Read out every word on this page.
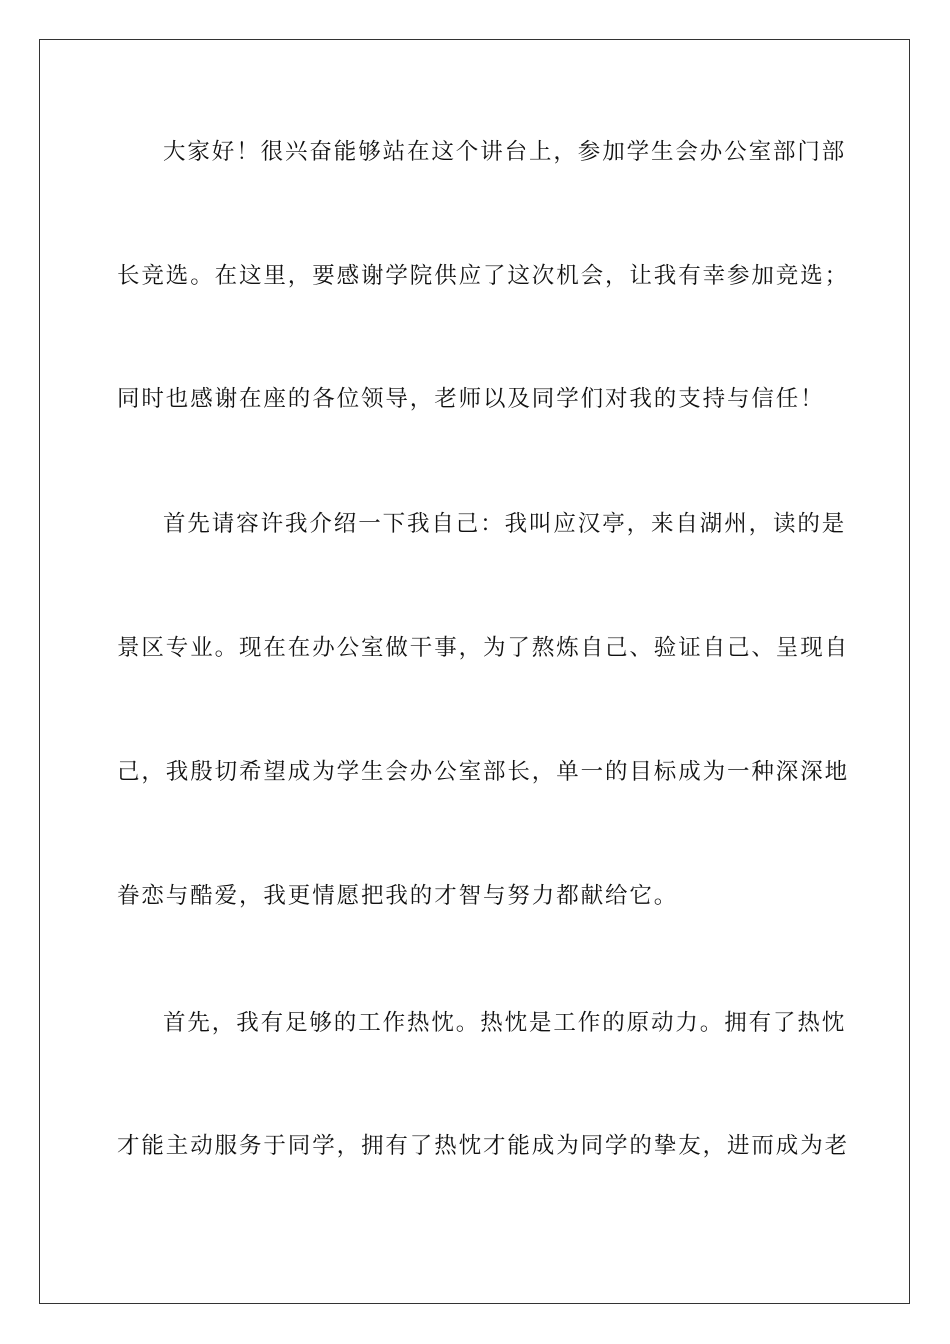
大家好！很兴奋能够站在这个讲台上，参加学生会办公室部门部

长竞选。在这里，要感谢学院供应了这次机会，让我有幸参加竞选；

同时也感谢在座的各位领导，老师以及同学们对我的支持与信任！

首先请容许我介绍一下我自己：我叫应汉亭，来自湖州，读的是

景区专业。现在在办公室做干事，为了熬炼自己、验证自己、呈现自

己，我殷切希望成为学生会办公室部长，单一的目标成为一种深深地

眷恋与酷爱，我更情愿把我的才智与努力都献给它。

首先，我有足够的工作热忱。热忱是工作的原动力。拥有了热忱

才能主动服务于同学，拥有了热忱才能成为同学的挚友，进而成为老
